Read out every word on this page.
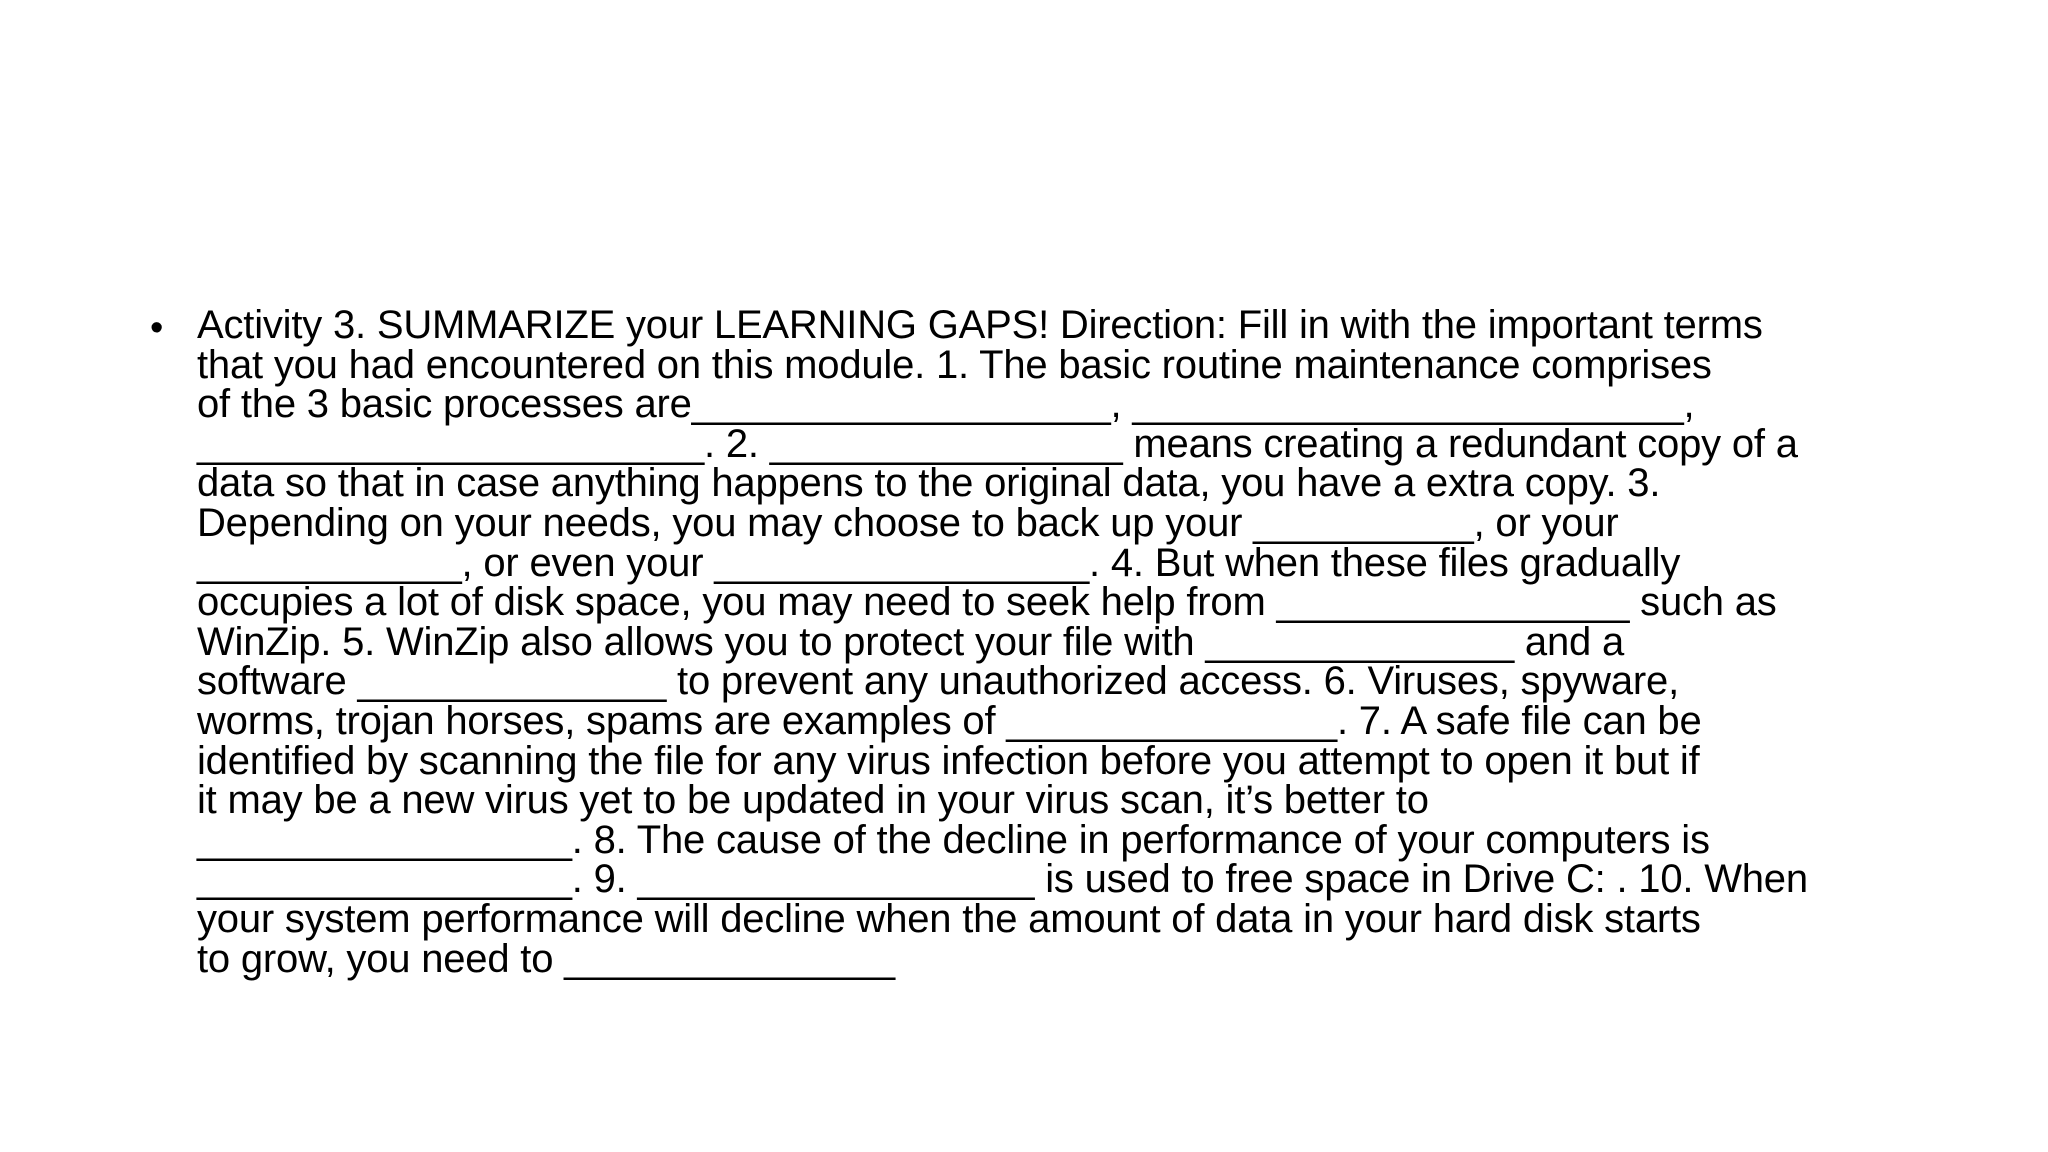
• Activity 3. SUMMARIZE your LEARNING GAPS! Direction: Fill in with the important terms
that you had encountered on this module. 1. The basic routine maintenance comprises
of the 3 basic processes are___________________, _________________________,
_______________________. 2. ________________ means creating a redundant copy of a
data so that in case anything happens to the original data, you have a extra copy. 3.
Depending on your needs, you may choose to back up your __________, or your
____________, or even your _________________. 4. But when these files gradually
occupies a lot of disk space, you may need to seek help from ________________ such as
WinZip. 5. WinZip also allows you to protect your file with ______________ and a
software ______________ to prevent any unauthorized access. 6. Viruses, spyware,
worms, trojan horses, spams are examples of _______________. 7. A safe file can be
identified by scanning the file for any virus infection before you attempt to open it but if
it may be a new virus yet to be updated in your virus scan, it’s better to
_________________. 8. The cause of the decline in performance of your computers is
_________________. 9. __________________ is used to free space in Drive C: . 10. When
your system performance will decline when the amount of data in your hard disk starts
to grow, you need to _______________
